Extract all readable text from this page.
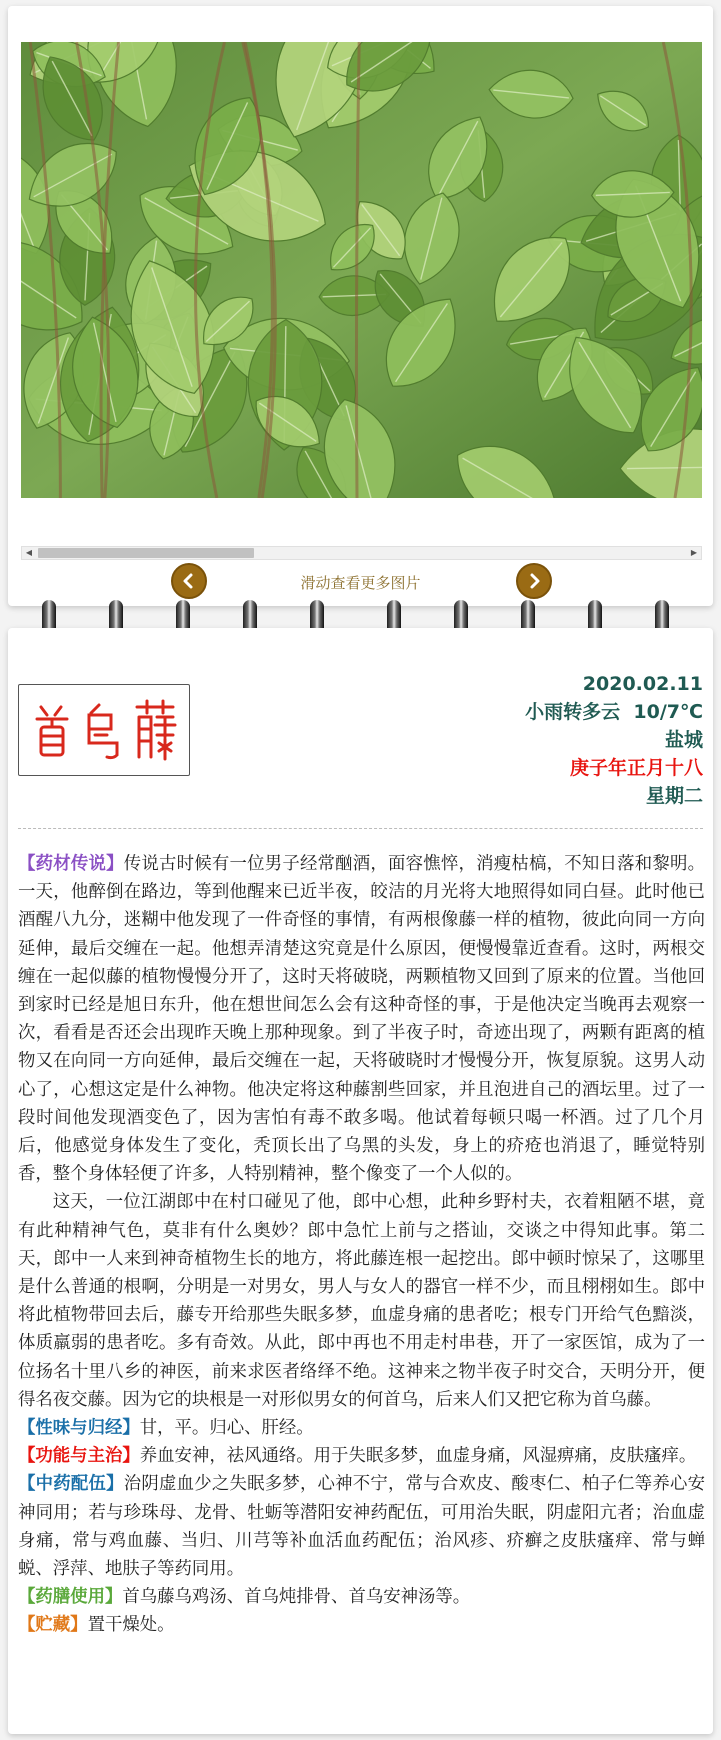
◀	▶
滑动查看更多图片
2020.02.11
小雨转多云  10/7℃
盐城
庚子年正月十八
星期二

【药材传说】传说古时候有一位男子经常酗酒，面容憔悴，消瘦枯槁，不知日落和黎明。一天，他醉倒在路边，等到他醒来已近半夜，皎洁的月光将大地照得如同白昼。此时他已酒醒八九分，迷糊中他发现了一件奇怪的事情，有两根像藤一样的植物，彼此向同一方向延伸，最后交缠在一起。他想弄清楚这究竟是什么原因，便慢慢靠近查看。这时，两根交缠在一起似藤的植物慢慢分开了，这时天将破晓，两颗植物又回到了原来的位置。当他回到家时已经是旭日东升，他在想世间怎么会有这种奇怪的事，于是他决定当晚再去观察一次，看看是否还会出现昨天晚上那种现象。到了半夜子时，奇迹出现了，两颗有距离的植物又在向同一方向延伸，最后交缠在一起，天将破晓时才慢慢分开，恢复原貌。这男人动心了，心想这定是什么神物。他决定将这种藤割些回家，并且泡进自己的酒坛里。过了一段时间他发现酒变色了，因为害怕有毒不敢多喝。他试着每顿只喝一杯酒。过了几个月后，他感觉身体发生了变化，秃顶长出了乌黑的头发，身上的疥疮也消退了，睡觉特别香，整个身体轻便了许多，人特别精神，整个像变了一个人似的。

这天，一位江湖郎中在村口碰见了他，郎中心想，此种乡野村夫，衣着粗陋不堪，竟有此种精神气色，莫非有什么奥妙？郎中急忙上前与之搭讪，交谈之中得知此事。第二天，郎中一人来到神奇植物生长的地方，将此藤连根一起挖出。郎中顿时惊呆了，这哪里是什么普通的根啊，分明是一对男女，男人与女人的器官一样不少，而且栩栩如生。郎中将此植物带回去后，藤专开给那些失眠多梦，血虚身痛的患者吃；根专门开给气色黯淡，体质羸弱的患者吃。多有奇效。从此，郎中再也不用走村串巷，开了一家医馆，成为了一位扬名十里八乡的神医，前来求医者络绎不绝。这神来之物半夜子时交合，天明分开，便得名夜交藤。因为它的块根是一对形似男女的何首乌，后来人们又把它称为首乌藤。

【性味与归经】甘，平。归心、肝经。

【功能与主治】养血安神，祛风通络。用于失眠多梦，血虚身痛，风湿痹痛，皮肤瘙痒。

【中药配伍】治阴虚血少之失眠多梦，心神不宁，常与合欢皮、酸枣仁、柏子仁等养心安神同用；若与珍珠母、龙骨、牡蛎等潜阳安神药配伍，可用治失眠，阴虚阳亢者；治血虚身痛，常与鸡血藤、当归、川芎等补血活血药配伍；治风疹、疥癣之皮肤瘙痒、常与蝉蜕、浮萍、地肤子等药同用。

【药膳使用】首乌藤乌鸡汤、首乌炖排骨、首乌安神汤等。

【贮藏】置干燥处。
